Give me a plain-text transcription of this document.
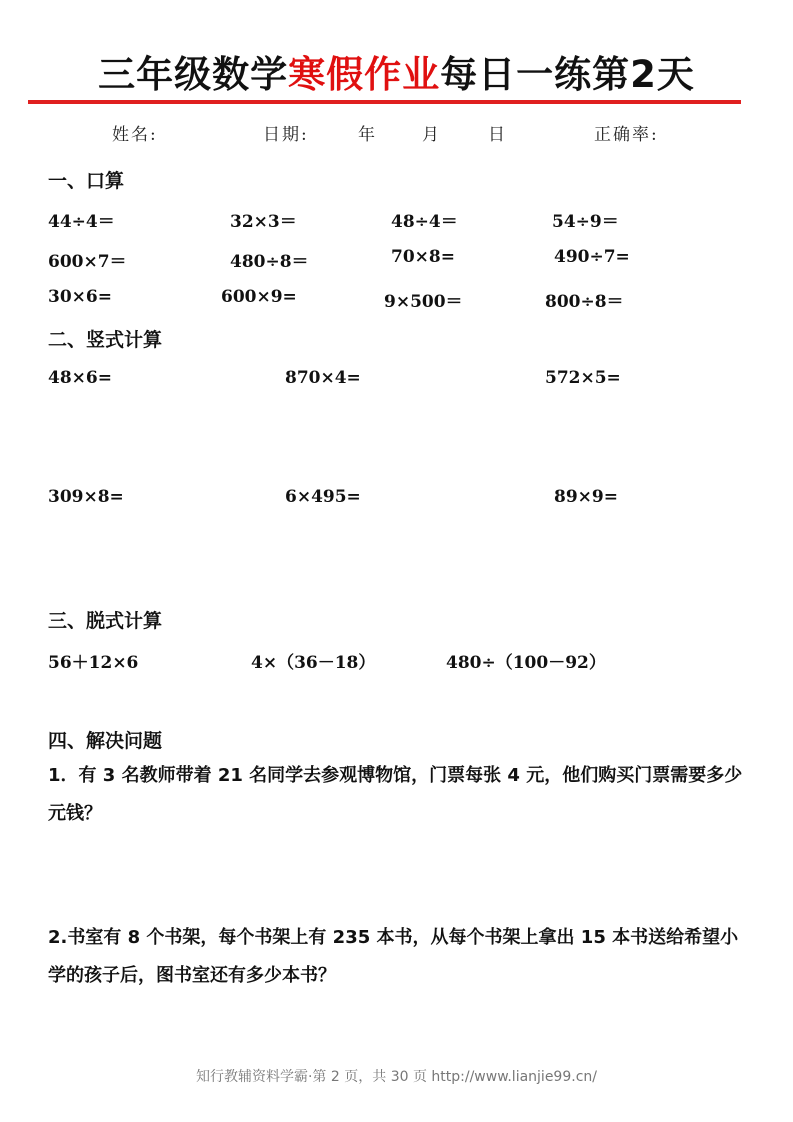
三年级数学寒假作业每日一练第2天
姓名:	日期:	年	月	日	正确率:
一、口算
44÷4＝	32×3＝	48÷4＝	54÷9＝
600×7＝	480÷8＝	70×8=	490÷7=
30×6=	600×9=	9×500＝	800÷8＝
二、竖式计算
48×6=	870×4=	572×5=
309×8=	6×495=	89×9=
三、脱式计算
56＋12×6	4×（36－18）	480÷（100－92）
四、解决问题
1．有 3 名教师带着 21 名同学去参观博物馆，门票每张 4 元，他们购买门票需要多少元钱？
2.书室有 8 个书架，每个书架上有 235 本书，从每个书架上拿出 15 本书送给希望小学的孩子后，图书室还有多少本书？
知行教辅资料学霸·第 2 页，共 30 页 http://www.lianjie99.cn/
